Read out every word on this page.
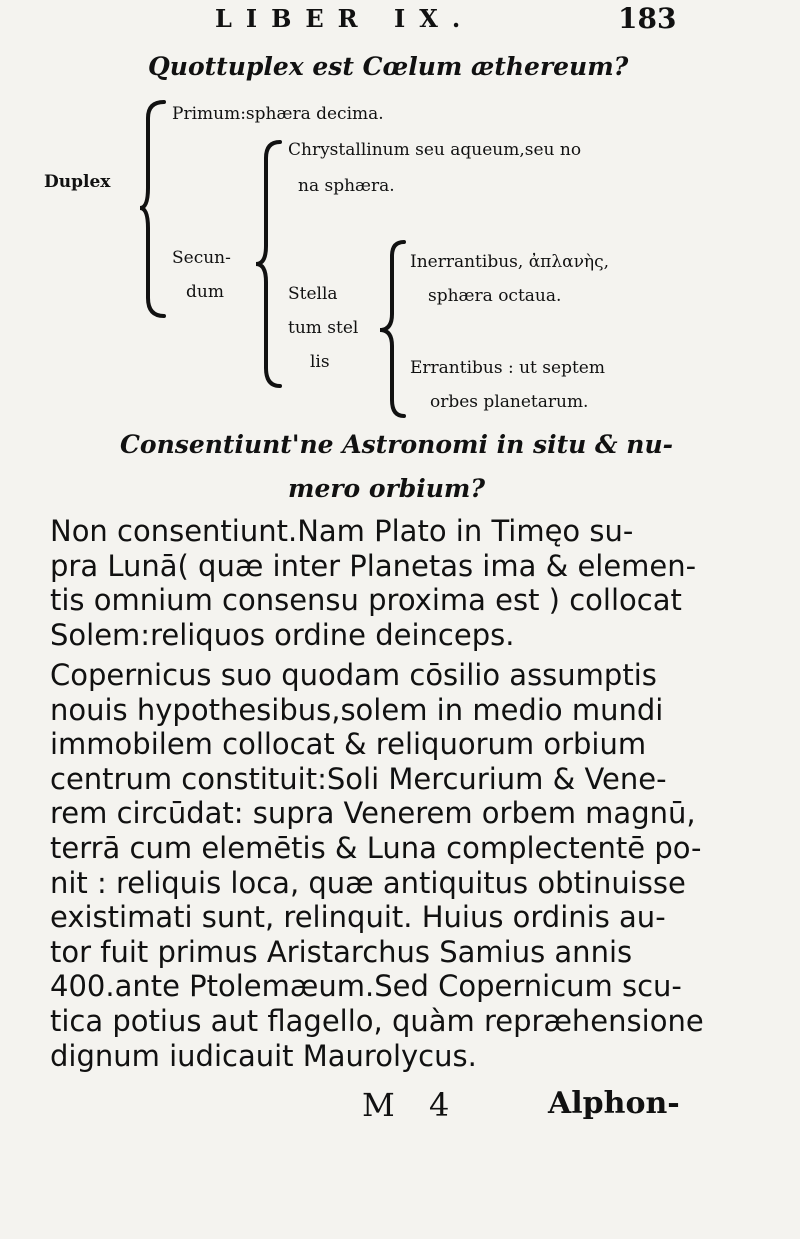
LIBER IX.	183
Quottuplex est Cœlum æthereum?
Duplex
Primum:sphæra decima.
Secun-
dum
Chrystallinum seu aqueum,seu no
na sphæra.
Stella
tum stel
lis
Inerrantibus, ἀπλανὴς,
sphæra octaua.
Errantibus : ut septem
orbes planetarum.
Consentiunt'ne Astronomi in situ & nu-
mero orbium?
Non consentiunt.Nam Plato in Timęo su-
pra Lunā( quæ inter Planetas ima & elemen-
tis omnium consensu proxima est ) collocat
Solem:reliquos ordine deinceps.
Copernicus suo quodam cōsilio assumptis
nouis hypothesibus,solem in medio mundi
immobilem collocat & reliquorum orbium
centrum constituit:Soli Mercurium & Vene-
rem circūdat: supra Venerem orbem magnū,
terrā cum elemētis & Luna complectentē po-
nit : reliquis loca, quæ antiquitus obtinuisse
existimati sunt, relinquit. Huius ordinis au-
tor fuit primus Aristarchus Samius annis
400.ante Ptolemæum.Sed Copernicum scu-
tica potius aut flagello, quàm repræhensione
dignum iudicauit Maurolycus.
M 4	Alphon-
